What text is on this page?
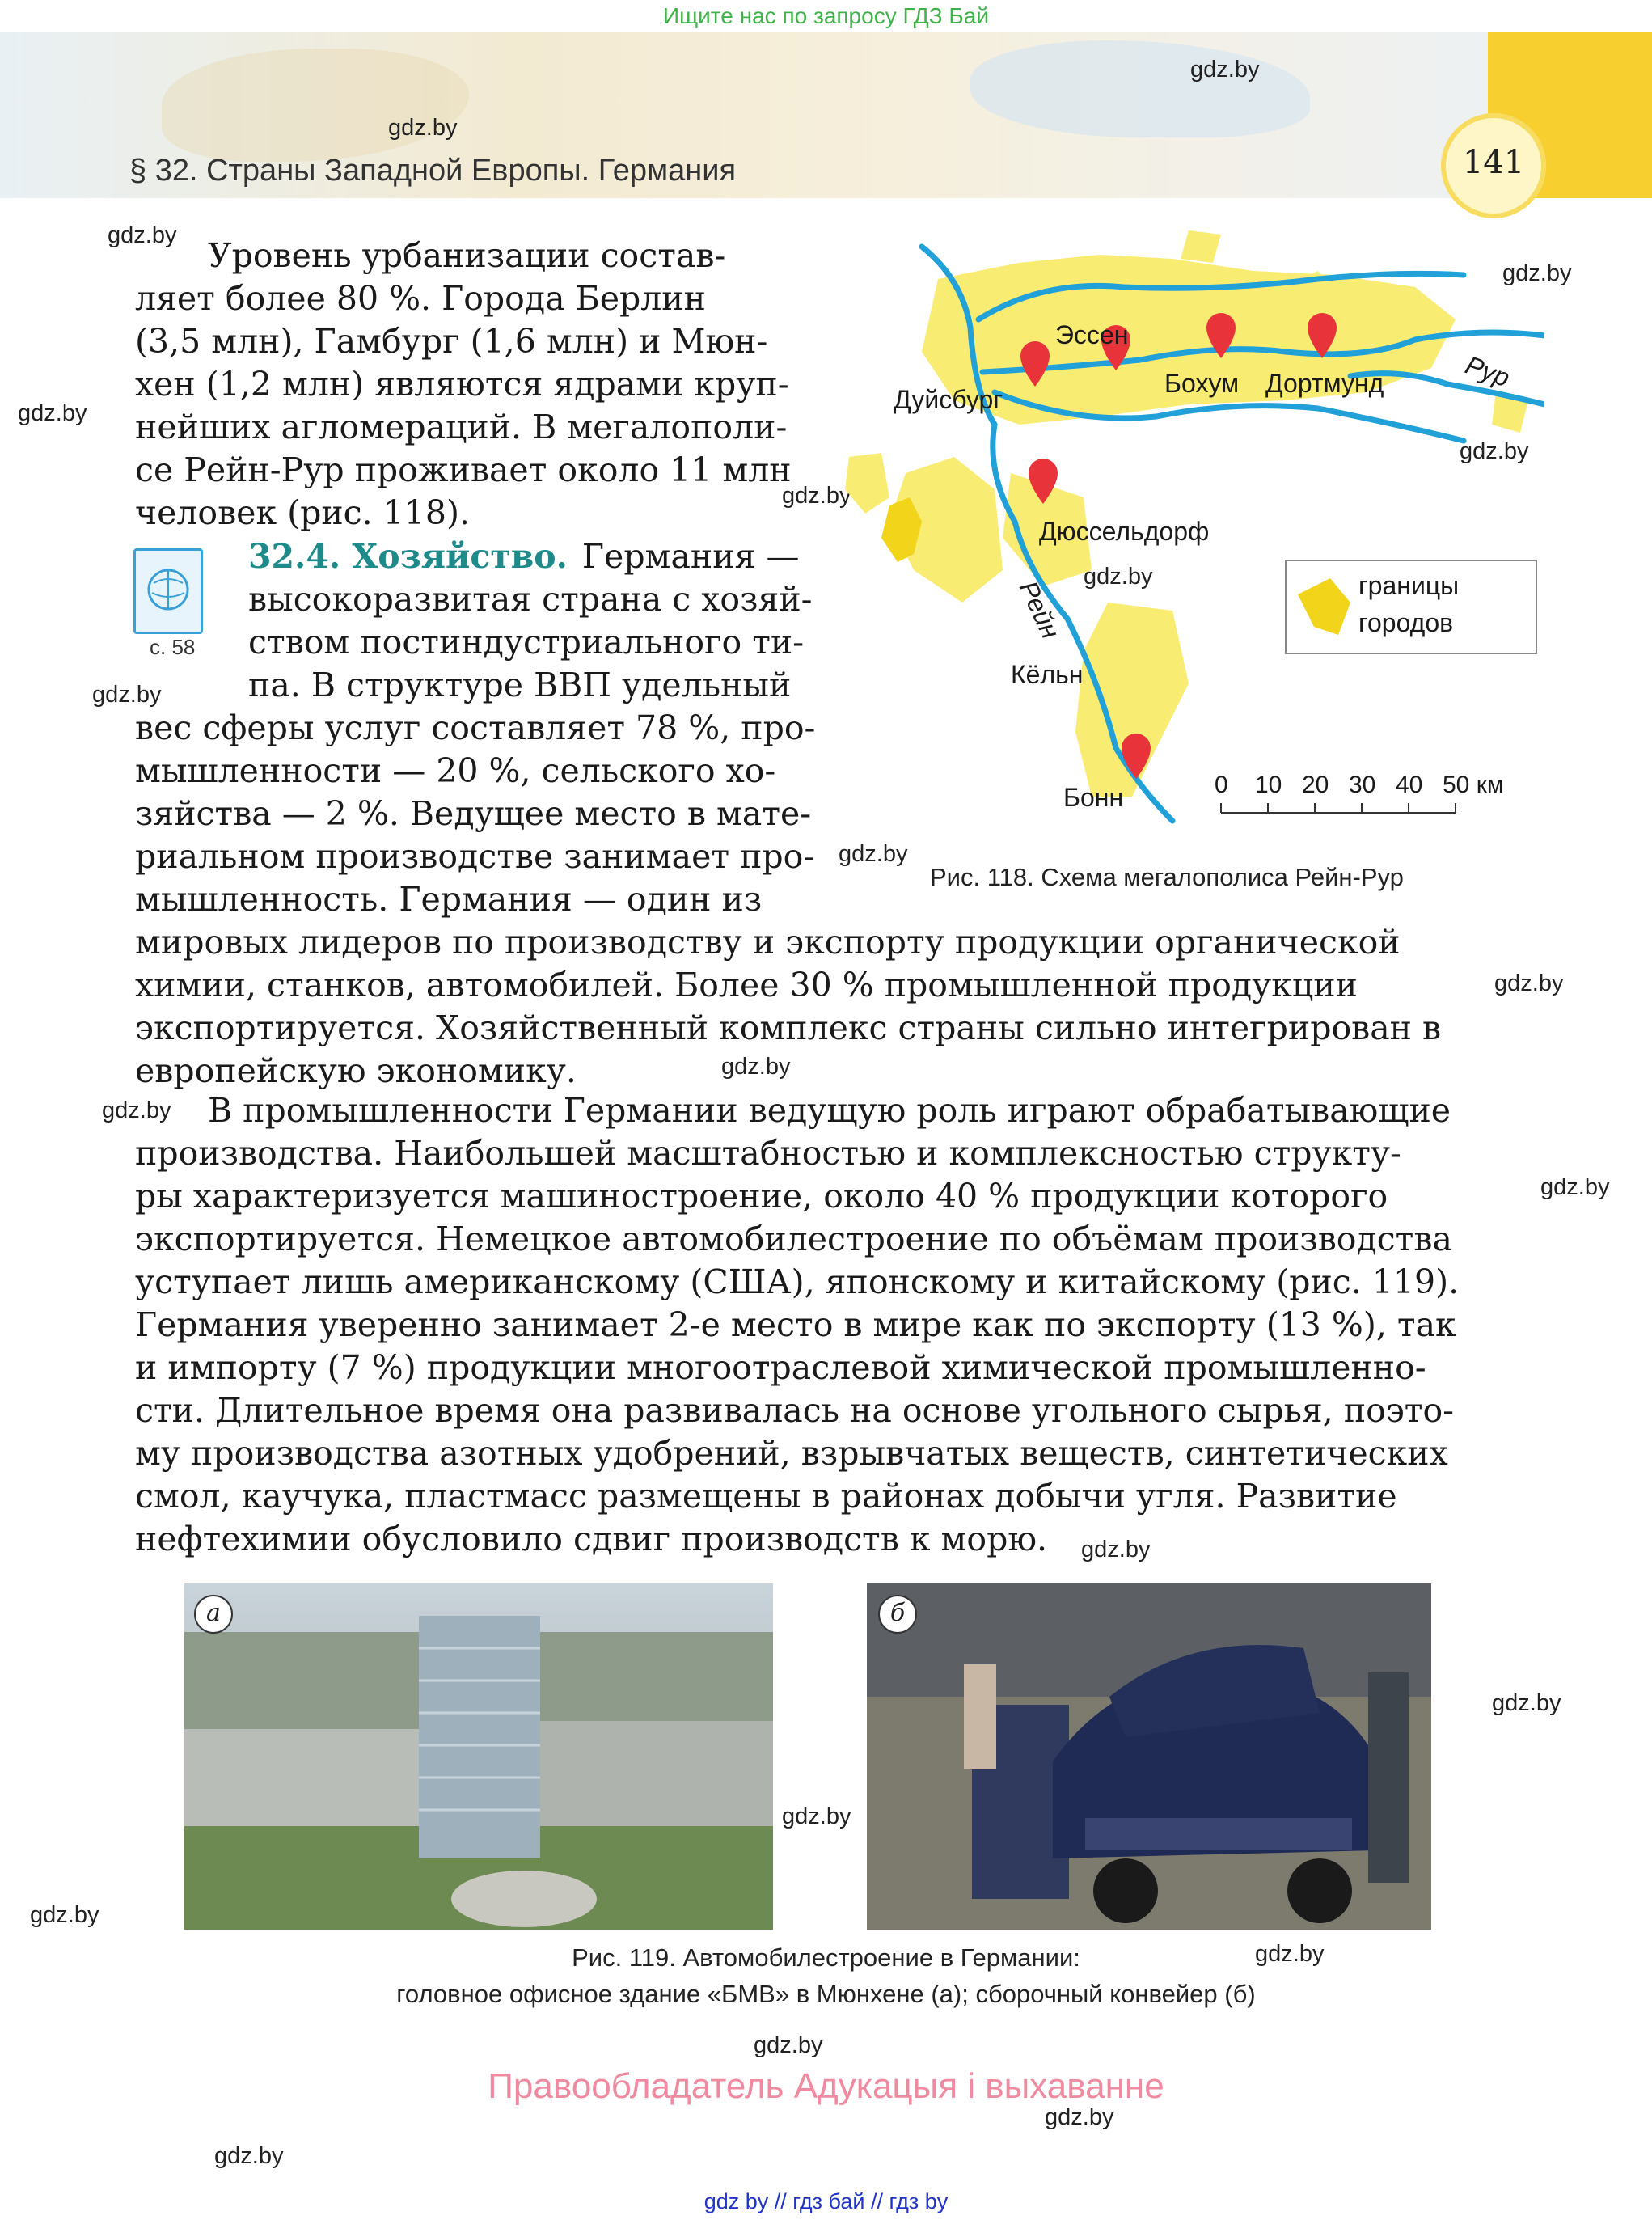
Ищите нас по запросу ГДЗ Бай
141
§ 32. Страны Западной Европы. Германия
gdz.by
gdz.by
gdz.by
gdz.by
gdz.by
gdz.by
gdz.by
gdz.by
gdz.by
gdz.by
gdz.by
gdz.by
gdz.by
gdz.by
gdz.by
gdz.by
gdz.by
gdz.by
gdz.by
gdz.by
gdz.by
gdz.by
Уровень урбанизации состав-
ляет более 80 %. Города Берлин
(3,5 млн), Гамбург (1,6 млн) и Мюн-
хен (1,2 млн) являются ядрами круп-
нейших агломераций. В мегалополи-
се Рейн-Рур проживает около 11 млн
человек (рис. 118).
с. 58
32.4. Хозяйство. Германия —
высокоразвитая страна с хозяй-
ством постиндустриального ти-
па. В структуре ВВП удельный
вес сферы услуг составляет 78 %, про-
мышленности — 20 %, сельского хо-
зяйства — 2 %. Ведущее место в мате-
риальном производстве занимает про-
мышленность. Германия — один из
мировых лидеров по производству и экспорту продукции органической
химии, станков, автомобилей. Более 30 % промышленной продукции
экспортируется. Хозяйственный комплекс страны сильно интегрирован в
европейскую экономику.
В промышленности Германии ведущую роль играют обрабатывающие
производства. Наибольшей масштабностью и комплексностью структу-
ры характеризуется машиностроение, около 40 % продукции которого
экспортируется. Немецкое автомобилестроение по объёмам производства
уступает лишь американскому (США), японскому и китайскому (рис. 119).
Германия уверенно занимает 2-е место в мире как по экспорту (13 %), так
и импорту (7 %) продукции многоотраслевой химической промышленно-
сти. Длительное время она развивалась на основе угольного сырья, поэто-
му производства азотных удобрений, взрывчатых веществ, синтетических
смол, каучука, пластмасс размещены в районах добычи угля. Развитие
нефтехимии обусловило сдвиг производств к морю.
Эссен
Бохум Дортмунд
Дуйсбург
Дюссельдорф
Кёльн
Бонн
Рур
Рейн	границы городов
0 10 20 30 40 50 км
Рис. 118. Схема мегалополиса Рейн-Рур
а	б
Рис. 119. Автомобилестроение в Германии:
головное офисное здание «БМВ» в Мюнхене (а); сборочный конвейер (б)
Правообладатель Адукацыя і выхаванне
gdz by // гдз бай // гдз by
